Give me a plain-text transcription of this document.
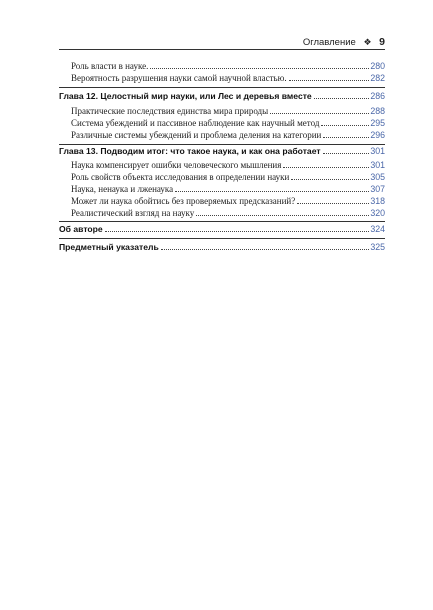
Оглавление ❖ 9
Роль власти в науке.	280
Вероятность разрушения науки самой научной властью.	282
Глава 12. Целостный мир науки, или Лес и деревья вместе	286
Практические последствия единства мира природы	288
Система убеждений и пассивное наблюдение как научный метод	295
Различные системы убеждений и проблема деления на категории	296
Глава 13. Подводим итог: что такое наука, и как она работает	301
Наука компенсирует ошибки человеческого мышления	301
Роль свойств объекта исследования в определении науки	305
Наука, ненаука и лженаука	307
Может ли наука обойтись без проверяемых предсказаний?	318
Реалистический взгляд на науку	320
Об авторе	324
Предметный указатель	325
